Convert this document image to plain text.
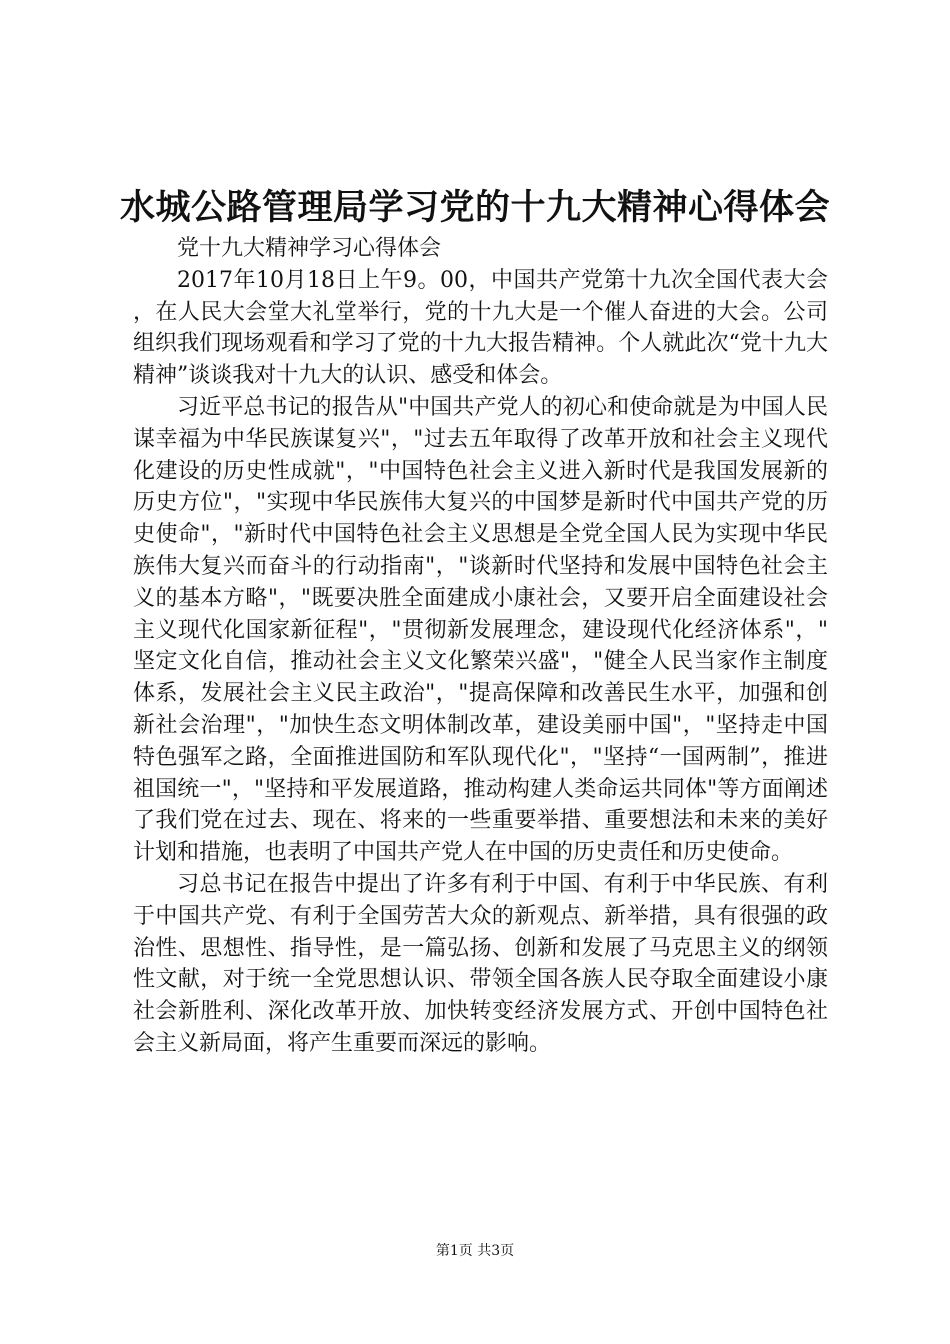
水城公路管理局学习党的十九大精神心得体会

党十九大精神学习心得体会

2017年10月18日上午9。00，中国共产党第十九次全国代表大会，在人民大会堂大礼堂举行，党的十九大是一个催人奋进的大会。公司组织我们现场观看和学习了党的十九大报告精神。个人就此次“党十九大精神”谈谈我对十九大的认识、感受和体会。

习近平总书记的报告从"中国共产党人的初心和使命就是为中国人民谋幸福为中华民族谋复兴"，"过去五年取得了改革开放和社会主义现代化建设的历史性成就"，"中国特色社会主义进入新时代是我国发展新的历史方位"，"实现中华民族伟大复兴的中国梦是新时代中国共产党的历史使命"，"新时代中国特色社会主义思想是全党全国人民为实现中华民族伟大复兴而奋斗的行动指南"，"谈新时代坚持和发展中国特色社会主义的基本方略"，"既要决胜全面建成小康社会，又要开启全面建设社会主义现代化国家新征程"，"贯彻新发展理念，建设现代化经济体系"，"坚定文化自信，推动社会主义文化繁荣兴盛"，"健全人民当家作主制度体系，发展社会主义民主政治"，"提高保障和改善民生水平，加强和创新社会治理"，"加快生态文明体制改革，建设美丽中国"，"坚持走中国特色强军之路，全面推进国防和军队现代化"，"坚持“一国两制”，推进祖国统一"，"坚持和平发展道路，推动构建人类命运共同体"等方面阐述了我们党在过去、现在、将来的一些重要举措、重要想法和未来的美好计划和措施，也表明了中国共产党人在中国的历史责任和历史使命。

习总书记在报告中提出了许多有利于中国、有利于中华民族、有利于中国共产党、有利于全国劳苦大众的新观点、新举措，具有很强的政治性、思想性、指导性，是一篇弘扬、创新和发展了马克思主义的纲领性文献，对于统一全党思想认识、带领全国各族人民夺取全面建设小康社会新胜利、深化改革开放、加快转变经济发展方式、开创中国特色社会主义新局面，将产生重要而深远的影响。

第1页 共3页
